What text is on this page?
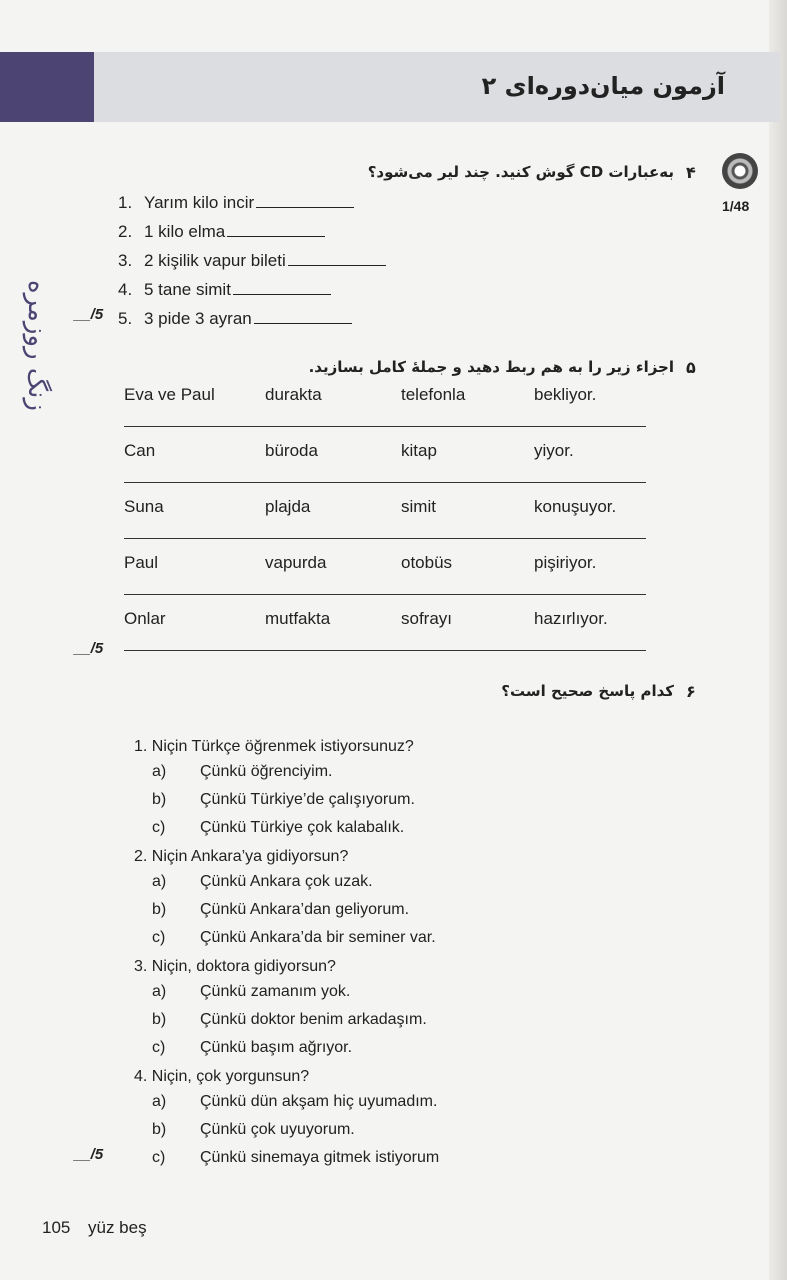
آزمون میان‌دوره‌ای ۲
زنگ روزمره
۴
به‌عبارات CD گوش کنید. چند لیر می‌شود؟
1/48
1. Yarım kilo incir
2. 1 kilo elma
3. 2 kişilik vapur bileti
4. 5 tane simit
5. 3 pide 3 ayran
__/5
۵
اجزاء زیر را به هم ربط دهید و جملهٔ کامل بسازید.
Eva ve Paul	durakta	telefonla	bekliyor.
Can	büroda	kitap	yiyor.
Suna	plajda	simit	konuşuyor.
Paul	vapurda	otobüs	pişiriyor.
Onlar	mutfakta	sofrayı	hazırlıyor.
__/5
۶
کدام پاسخ صحیح است؟
1. Niçin Türkçe öğrenmek istiyorsunuz?
a) Çünkü öğrenciyim.
b) Çünkü Türkiye’de çalışıyorum.
c) Çünkü Türkiye çok kalabalık.
2. Niçin Ankara’ya gidiyorsun?
a) Çünkü Ankara çok uzak.
b) Çünkü Ankara’dan geliyorum.
c) Çünkü Ankara’da bir seminer var.
3. Niçin, doktora gidiyorsun?
a) Çünkü zamanım yok.
b) Çünkü doktor benim arkadaşım.
c) Çünkü başım ağrıyor.
4. Niçin, çok yorgunsun?
a) Çünkü dün akşam hiç uyumadım.
b) Çünkü çok uyuyorum.
c) Çünkü sinemaya gitmek istiyorum
__/5
105 yüz beş
